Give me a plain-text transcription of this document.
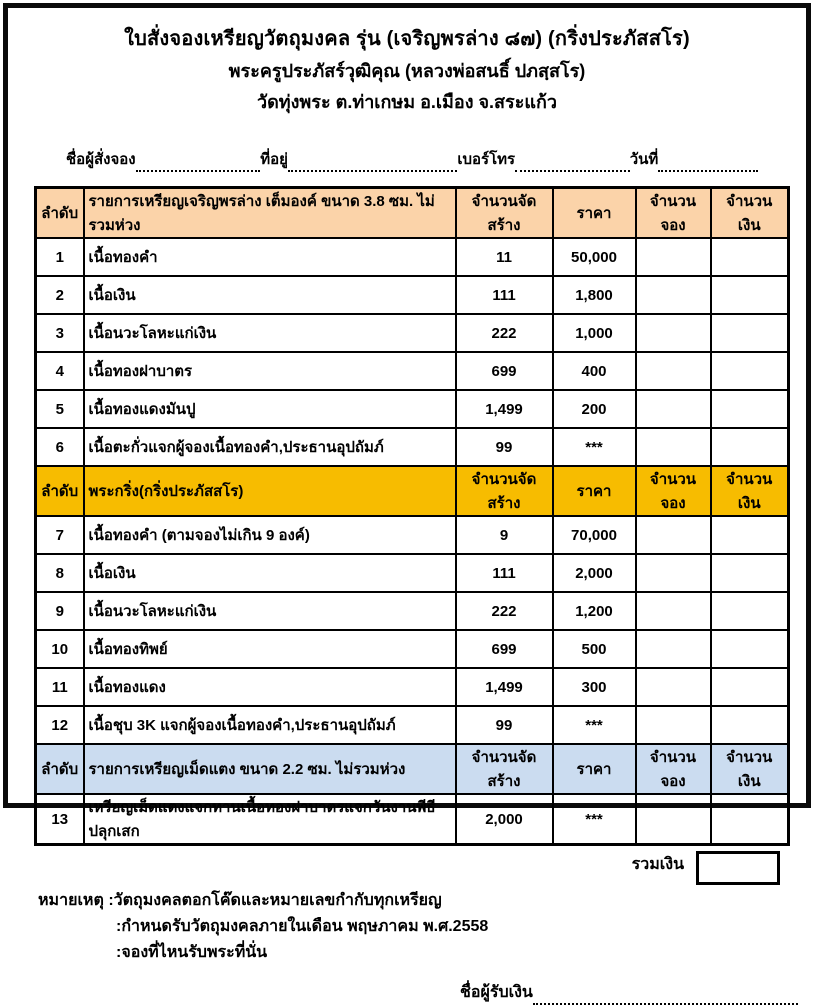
ใบสั่งจองเหรียญวัตถุมงคล รุ่น (เจริญพรล่าง ๘๗) (กริ่งประภัสสโร)
พระครูประภัสร์วุฒิคุณ (หลวงพ่อสนธิ์ ปภสฺสโร)
วัดทุ่งพระ ต.ท่าเกษม อ.เมือง จ.สระแก้ว
ชื่อผู้สั่งจอง	ที่อยู่	เบอร์โทร	วันที่
ลำดับ	รายการเหรียญเจริญพรล่าง เต็มองค์ ขนาด 3.8 ซม. ไม่รวมห่วง	จำนวนจัดสร้าง	ราคา	จำนวนจอง	จำนวนเงิน
1	เนื้อทองคำ	11	50,000		
2	เนื้อเงิน	111	1,800		
3	เนื้อนวะโลหะแก่เงิน	222	1,000		
4	เนื้อทองฝาบาตร	699	400		
5	เนื้อทองแดงมันปู	1,499	200		
6	เนื้อตะกั่วแจกผู้จองเนื้อทองคำ,ประธานอุปถัมภ์	99	***		
ลำดับ	พระกริ่ง(กริ่งประภัสสโร)	จำนวนจัดสร้าง	ราคา	จำนวนจอง	จำนวนเงิน
7	เนื้อทองคำ (ตามจองไม่เกิน 9 องค์)	9	70,000		
8	เนื้อเงิน	111	2,000		
9	เนื้อนวะโลหะแก่เงิน	222	1,200		
10	เนื้อทองทิพย์	699	500		
11	เนื้อทองแดง	1,499	300		
12	เนื้อชุบ 3K แจกผู้จองเนื้อทองคำ,ประธานอุปถัมภ์	99	***		
ลำดับ	รายการเหรียญเม็ดแตง ขนาด 2.2 ซม. ไม่รวมห่วง	จำนวนจัดสร้าง	ราคา	จำนวนจอง	จำนวนเงิน
13	เหรียญเม็ดแตงแจกทานเนื้อทองฝาบาตรแจกวันงานพีธีปลุกเสก	2,000	***		
รวมเงิน
หมายเหตุ :วัตถุมงคลตอกโค๊ดและหมายเลขกำกับทุกเหรียญ
:กำหนดรับวัตถุมงคลภายในเดือน พฤษภาคม พ.ศ.2558
:จองที่ไหนรับพระที่นั่น
ชื่อผู้รับเงิน
